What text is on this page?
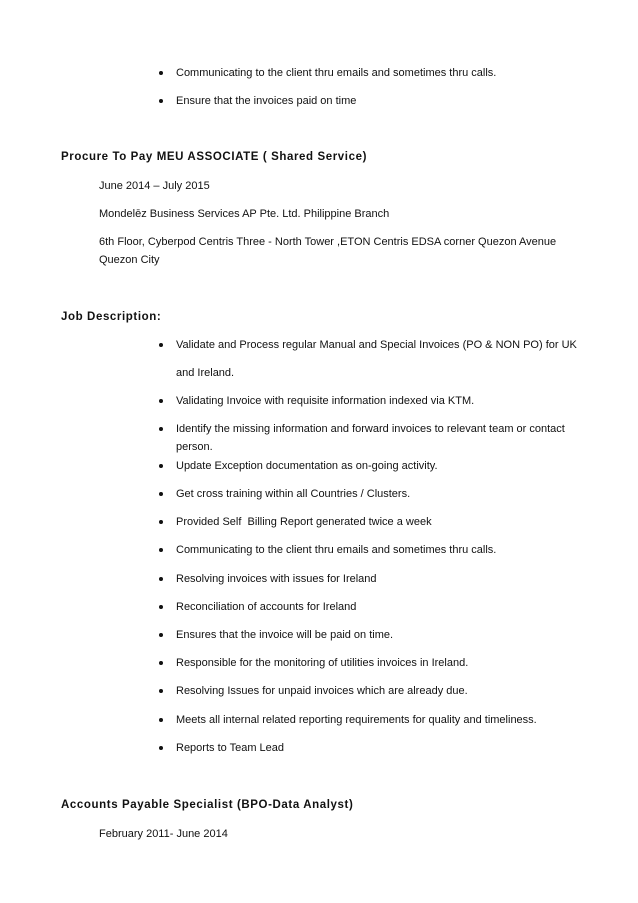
Communicating to the client thru emails and sometimes thru calls.
Ensure that the invoices paid on time
Procure To Pay MEU ASSOCIATE ( Shared Service)
June 2014 – July 2015
Mondelēz Business Services AP Pte. Ltd. Philippine Branch
6th Floor, Cyberpod Centris Three - North Tower ,ETON Centris EDSA corner Quezon Avenue
Quezon City
Job Description:
Validate and Process regular Manual and Special Invoices (PO & NON PO) for UK
and Ireland.
Validating Invoice with requisite information indexed via KTM.
Identify the missing information and forward invoices to relevant team or contact
person.
Update Exception documentation as on-going activity.
Get cross training within all Countries / Clusters.
Provided Self  Billing Report generated twice a week
Communicating to the client thru emails and sometimes thru calls.
Resolving invoices with issues for Ireland
Reconciliation of accounts for Ireland
Ensures that the invoice will be paid on time.
Responsible for the monitoring of utilities invoices in Ireland.
Resolving Issues for unpaid invoices which are already due.
Meets all internal related reporting requirements for quality and timeliness.
Reports to Team Lead
Accounts Payable Specialist (BPO-Data Analyst)
February 2011- June 2014
